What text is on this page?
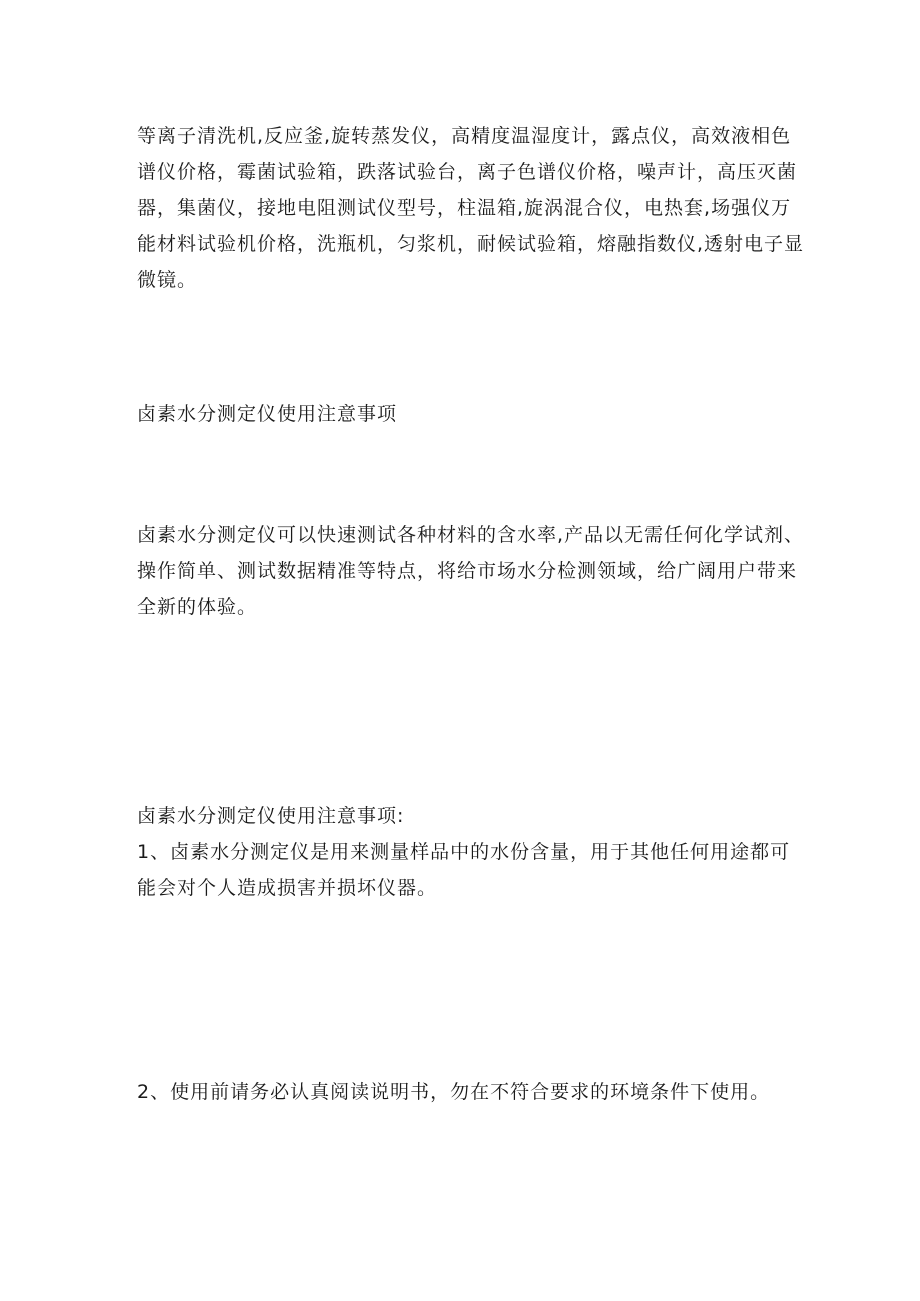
等离子清洗机,反应釜,旋转蒸发仪，高精度温湿度计，露点仪，高效液相色谱仪价格，霉菌试验箱，跌落试验台，离子色谱仪价格，噪声计，高压灭菌器，集菌仪，接地电阻测试仪型号，柱温箱,旋涡混合仪，电热套,场强仪万能材料试验机价格，洗瓶机，匀浆机，耐候试验箱，熔融指数仪,透射电子显微镜。

卤素水分测定仪使用注意事项

卤素水分测定仪可以快速测试各种材料的含水率,产品以无需任何化学试剂、操作简单、测试数据精准等特点，将给市场水分检测领域，给广阔用户带来全新的体验。

卤素水分测定仪使用注意事项:

1、卤素水分测定仪是用来测量样品中的水份含量，用于其他任何用途都可能会对个人造成损害并损坏仪器。

2、使用前请务必认真阅读说明书，勿在不符合要求的环境条件下使用。
